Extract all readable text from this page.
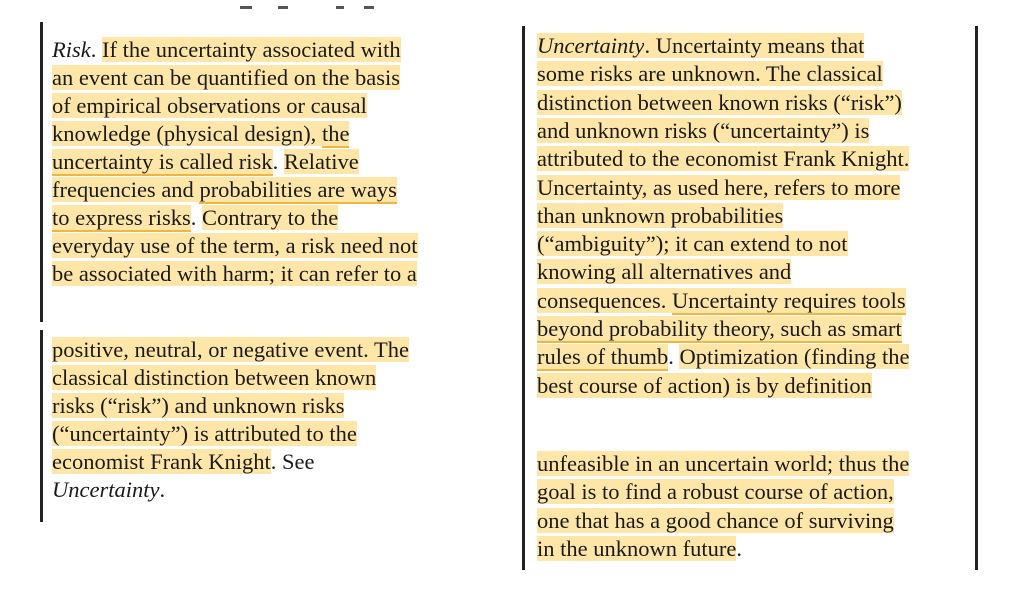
Risk. If the uncertainty associated with
an event can be quantified on the basis
of empirical observations or causal
knowledge (physical design), the
uncertainty is called risk. Relative
frequencies and probabilities are ways
to express risks. Contrary to the
everyday use of the term, a risk need not
be associated with harm; it can refer to a
positive, neutral, or negative event. The
classical distinction between known
risks (“risk”) and unknown risks
(“uncertainty”) is attributed to the
economist Frank Knight. See
Uncertainty.
Uncertainty. Uncertainty means that
some risks are unknown. The classical
distinction between known risks (“risk”)
and unknown risks (“uncertainty”) is
attributed to the economist Frank Knight.
Uncertainty, as used here, refers to more
than unknown probabilities
(“ambiguity”); it can extend to not
knowing all alternatives and
consequences. Uncertainty requires tools
beyond probability theory, such as smart
rules of thumb. Optimization (finding the
best course of action) is by definition
unfeasible in an uncertain world; thus the
goal is to find a robust course of action,
one that has a good chance of surviving
in the unknown future.
